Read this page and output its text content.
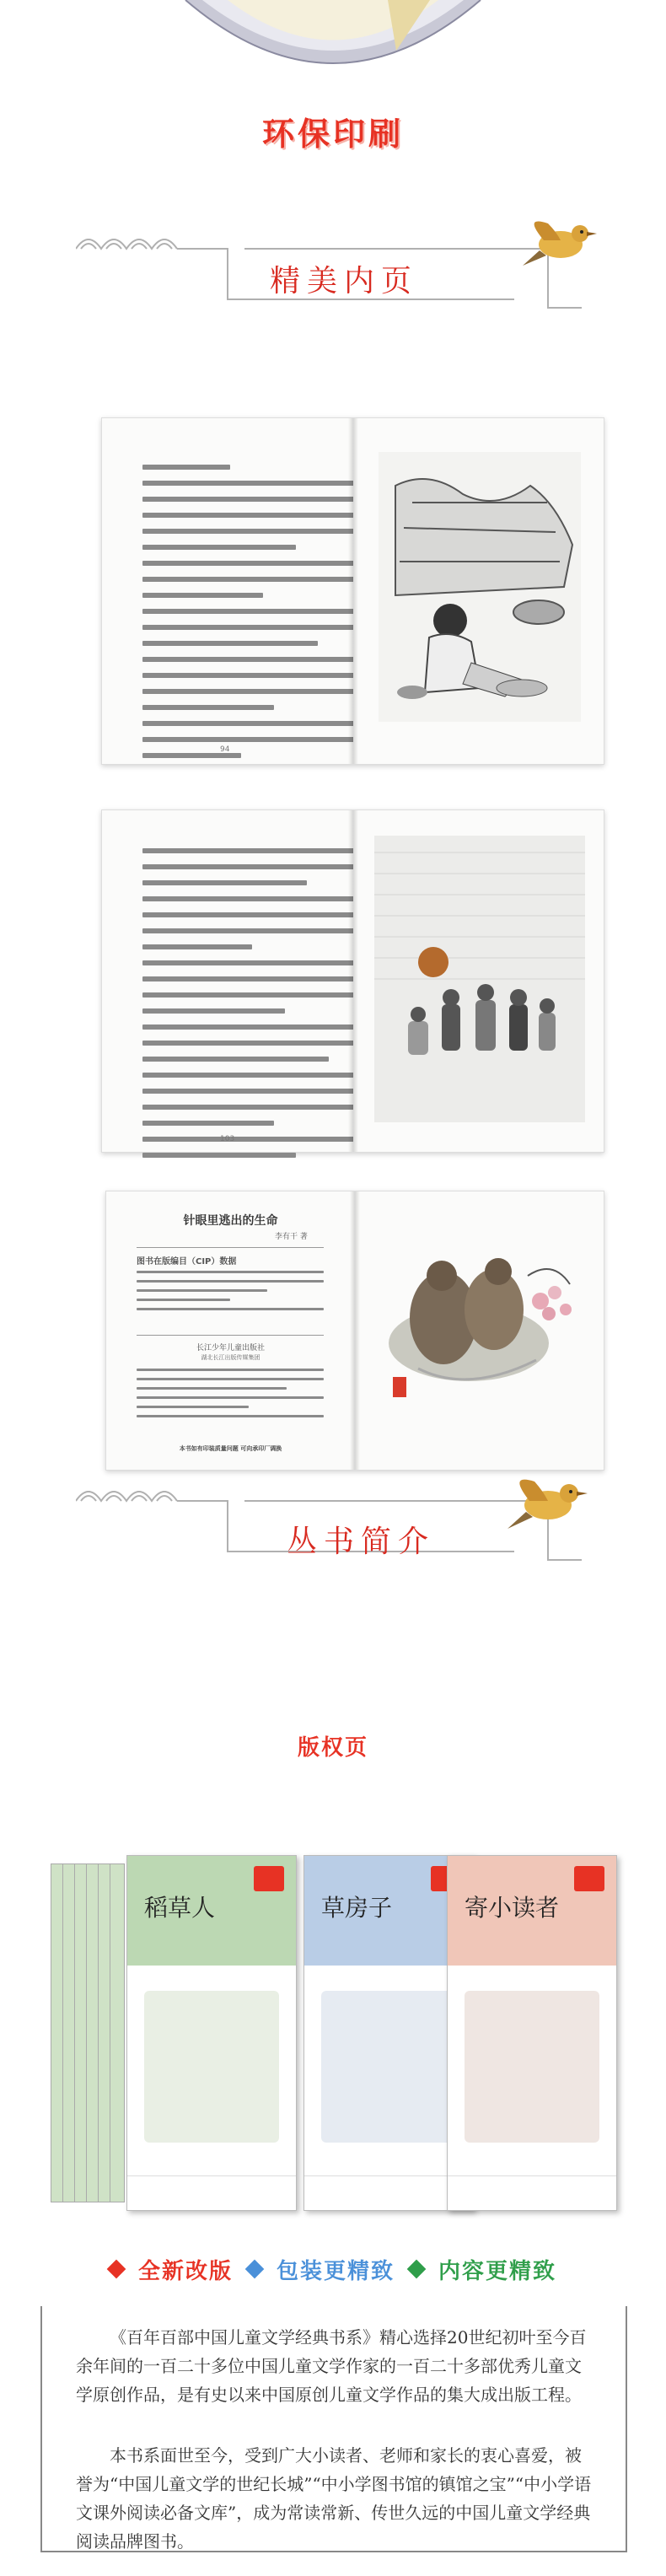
环保印刷
精美内页
94
103
针眼里逃出的生命
李有干 著
图书在版编目（CIP）数据
长江少年儿童出版社
湖北长江出版传媒集团
本书如有印装质量问题 可向承印厂调换
版权页
丛书简介
稻草人	草房子	寄小读者
全新改版 包装更精致 内容更精致
《百年百部中国儿童文学经典书系》精心选择20世纪初叶至今百余年间的一百二十多位中国儿童文学作家的一百二十多部优秀儿童文学原创作品，是有史以来中国原创儿童文学作品的集大成出版工程。
本书系面世至今，受到广大小读者、老师和家长的衷心喜爱，被誉为“中国儿童文学的世纪长城”“中小学图书馆的镇馆之宝”“中小学语文课外阅读必备文库”，成为常读常新、传世久远的中国儿童文学经典阅读品牌图书。
